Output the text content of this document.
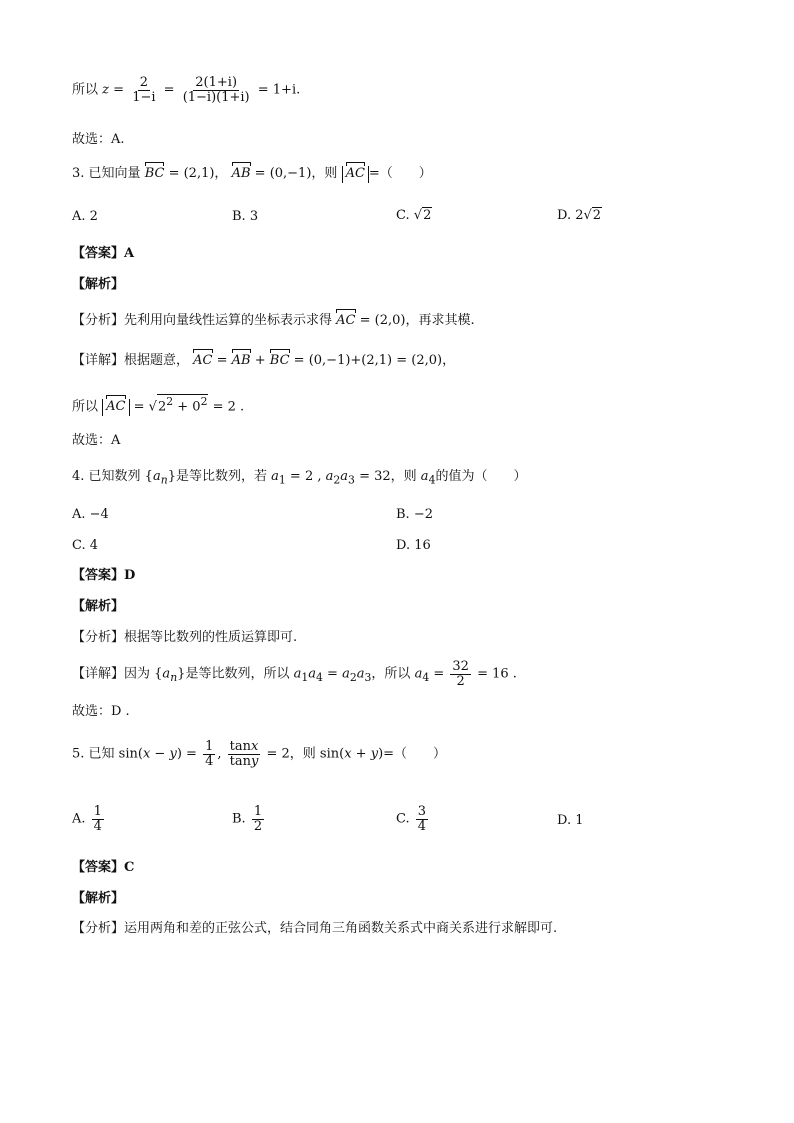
所以 $z = \frac{2}{1-i} = \frac{2(1+i)}{(1-i)(1+i)} = 1+i$.
故选：A.
3. 已知向量 BC = (2,1)， AB = (0,−1)，则 AC =（　　）
A. 2	B. 3	C. √2	D. 2√2
【答案】A
【解析】
【分析】先利用向量线性运算的坐标表示求得 AC = (2,0)，再求其模.
【详解】根据题意， AC = AB + BC = (0,−1)+(2,1) = (2,0)，
所以 AC = $√2^2 + 0^2 = 2$ .
故选：A
4. 已知数列 $\{a_n\}$是等比数列，若 $a_1 = 2$ , $a_2a_3 = 32$，则 $a_4$的值为（　　）
A. −4	B. −2
C. 4	D. 16
【答案】D
【解析】
【分析】根据等比数列的性质运算即可.
【详解】因为 $\{a_n\}$是等比数列，所以 $a_1a_4 = a_2a_3$，所以 $a_4 = \frac{32}{2} = 16$ .
故选：D .
5. 已知 $\sin(x - y) = \frac{1}{4}$ , $\frac{\tan x}{\tan y} = 2$，则 sin(x + y)=（　　）
A. $\frac{1}{4}$	B. $\frac{1}{2}$	C. $\frac{3}{4}$	D. 1
【答案】C
【解析】
【分析】运用两角和差的正弦公式，结合同角三角函数关系式中商关系进行求解即可.
